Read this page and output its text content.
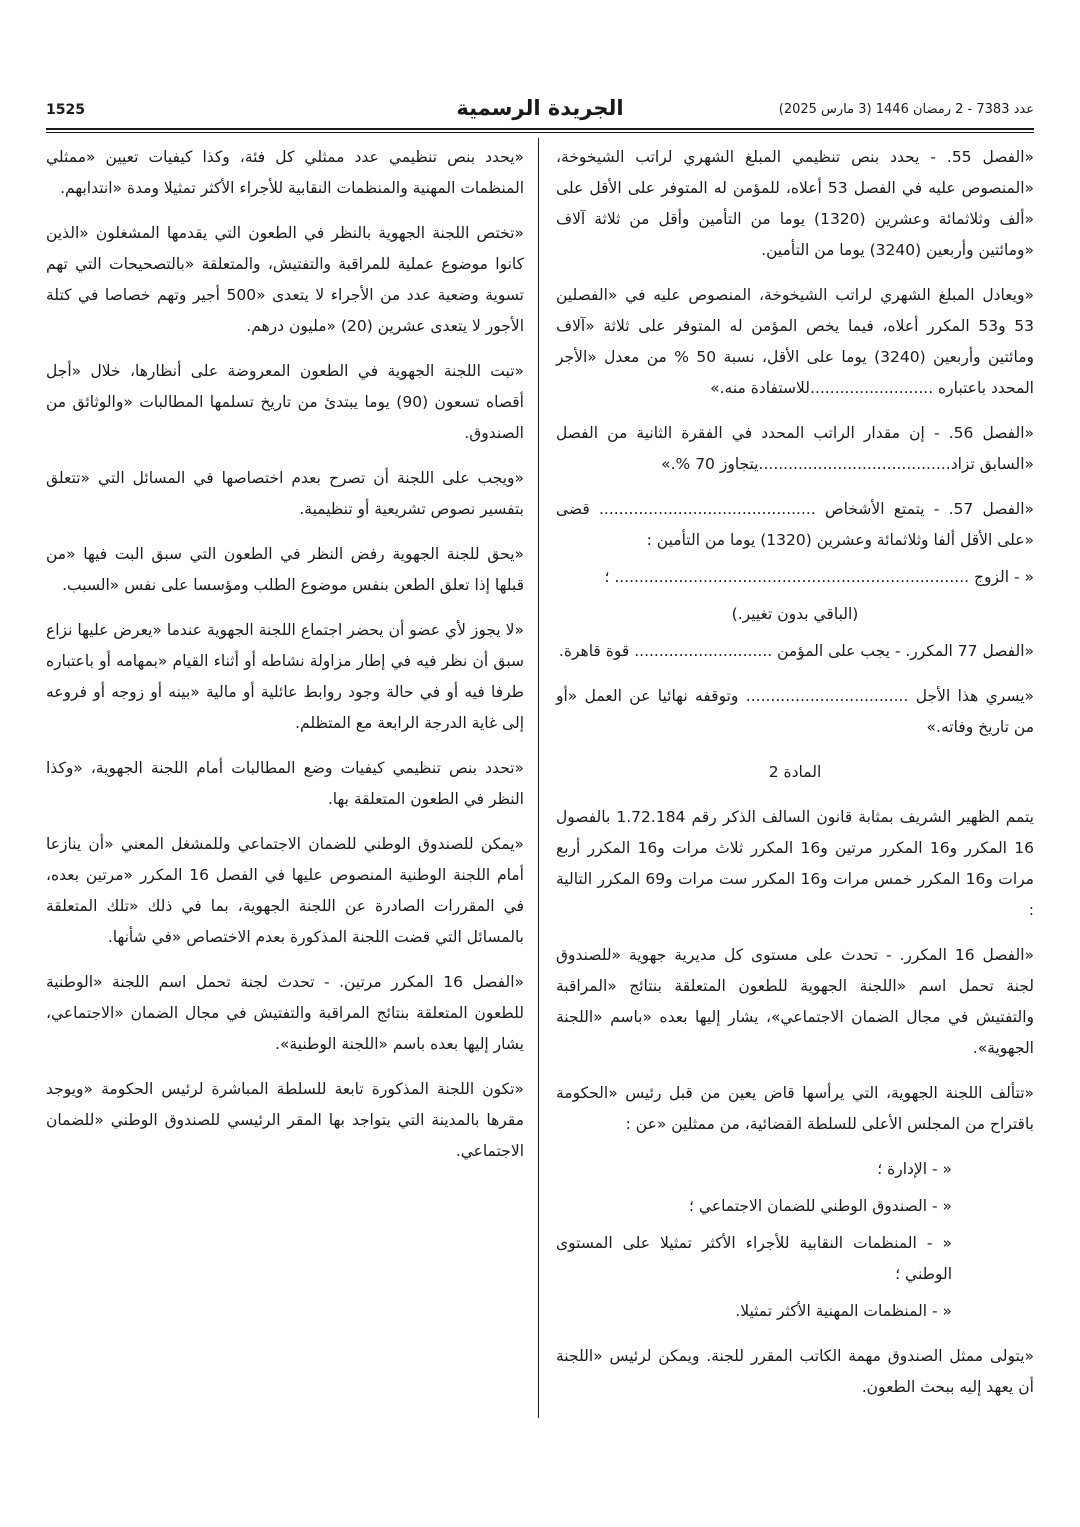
عدد 7383 - 2 رمضان 1446 (3 مارس 2025)
الجريدة الرسمية
1525

«الفصل 55. - يحدد بنص تنظيمي المبلغ الشهري لراتب الشيخوخة، «المنصوص عليه في الفصل 53 أعلاه، للمؤمن له المتوفر على الأقل على «ألف وثلاثمائة وعشرين (1320) يوما من التأمين وأقل من ثلاثة آلاف «ومائتين وأربعين (3240) يوما من التأمين.

«ويعادل المبلغ الشهري لراتب الشيخوخة، المنصوص عليه في «الفصلين 53 و53 المكرر أعلاه، فيما يخص المؤمن له المتوفر على ثلاثة «آلاف ومائتين وأربعين (3240) يوما على الأقل، نسبة 50 % من معدل «الأجر المحدد باعتباره .........................للاستفادة منه.»

«الفصل 56. - إن مقدار الراتب المحدد في الفقرة الثانية من الفصل «السابق تزاد.......................................يتجاوز 70 %.»

«الفصل 57. - يتمتع الأشخاص ............................................ قضى «على الأقل ألفا وثلاثمائة وعشرين (1320) يوما من التأمين :

« - الزوج ........................................................................ ؛

(الباقي بدون تغيير.)

«الفصل 77 المكرر. - يجب على المؤمن ............................ قوة قاهرة.

«يسري هذا الأجل ................................. وتوقفه نهائيا عن العمل «أو من تاريخ وفاته.»

المادة 2

يتمم الظهير الشريف بمثابة قانون السالف الذكر رقم 1.72.184 بالفصول 16 المكرر و16 المكرر مرتين و16 المكرر ثلاث مرات و16 المكرر أربع مرات و16 المكرر خمس مرات و16 المكرر ست مرات و69 المكرر التالية :

«الفصل 16 المكرر. - تحدث على مستوى كل مديرية جهوية «للصندوق لجنة تحمل اسم «اللجنة الجهوية للطعون المتعلقة بنتائج «المراقبة والتفتيش في مجال الضمان الاجتماعي»، يشار إليها بعده «باسم «اللجنة الجهوية».

«تتألف اللجنة الجهوية، التي يرأسها قاض يعين من قبل رئيس «الحكومة باقتراح من المجلس الأعلى للسلطة القضائية، من ممثلين «عن :

« - الإدارة ؛

« - الصندوق الوطني للضمان الاجتماعي ؛

« - المنظمات النقابية للأجراء الأكثر تمثيلا على المستوى الوطني ؛

« - المنظمات المهنية الأكثر تمثيلا.

«يتولى ممثل الصندوق مهمة الكاتب المقرر للجنة. ويمكن لرئيس «اللجنة أن يعهد إليه ببحث الطعون.

«يحدد بنص تنظيمي عدد ممثلي كل فئة، وكذا كيفيات تعيين «ممثلي المنظمات المهنية والمنظمات النقابية للأجراء الأكثر تمثيلا ومدة «انتدابهم.

«تختص اللجنة الجهوية بالنظر في الطعون التي يقدمها المشغلون «الذين كانوا موضوع عملية للمراقبة والتفتيش، والمتعلقة «بالتصحيحات التي تهم تسوية وضعية عدد من الأجراء لا يتعدى «500 أجير وتهم خصاصا في كتلة الأجور لا يتعدى عشرين (20) «مليون درهم.

«تبت اللجنة الجهوية في الطعون المعروضة على أنظارها، خلال «أجل أقصاه تسعون (90) يوما يبتدئ من تاريخ تسلمها المطالبات «والوثائق من الصندوق.

«ويجب على اللجنة أن تصرح بعدم اختصاصها في المسائل التي «تتعلق بتفسير نصوص تشريعية أو تنظيمية.

«يحق للجنة الجهوية رفض النظر في الطعون التي سبق البت فيها «من قبلها إذا تعلق الطعن بنفس موضوع الطلب ومؤسسا على نفس «السبب.

«لا يجوز لأي عضو أن يحضر اجتماع اللجنة الجهوية عندما «يعرض عليها نزاع سبق أن نظر فيه في إطار مزاولة نشاطه أو أثناء القيام «بمهامه أو باعتباره طرفا فيه أو في حالة وجود روابط عائلية أو مالية «بينه أو زوجه أو فروعه إلى غاية الدرجة الرابعة مع المتظلم.

«تحدد بنص تنظيمي كيفيات وضع المطالبات أمام اللجنة الجهوية، «وكذا النظر في الطعون المتعلقة بها.

«يمكن للصندوق الوطني للضمان الاجتماعي وللمشغل المعني «أن ينازعا أمام اللجنة الوطنية المنصوص عليها في الفصل 16 المكرر «مرتين بعده، في المقررات الصادرة عن اللجنة الجهوية، بما في ذلك «تلك المتعلقة بالمسائل التي قضت اللجنة المذكورة بعدم الاختصاص «في شأنها.

«الفصل 16 المكرر مرتين. - تحدث لجنة تحمل اسم اللجنة «الوطنية للطعون المتعلقة بنتائج المراقبة والتفتيش في مجال الضمان «الاجتماعي، يشار إليها بعده باسم «اللجنة الوطنية».

«تكون اللجنة المذكورة تابعة للسلطة المباشرة لرئيس الحكومة «ويوجد مقرها بالمدينة التي يتواجد بها المقر الرئيسي للصندوق الوطني «للضمان الاجتماعي.
